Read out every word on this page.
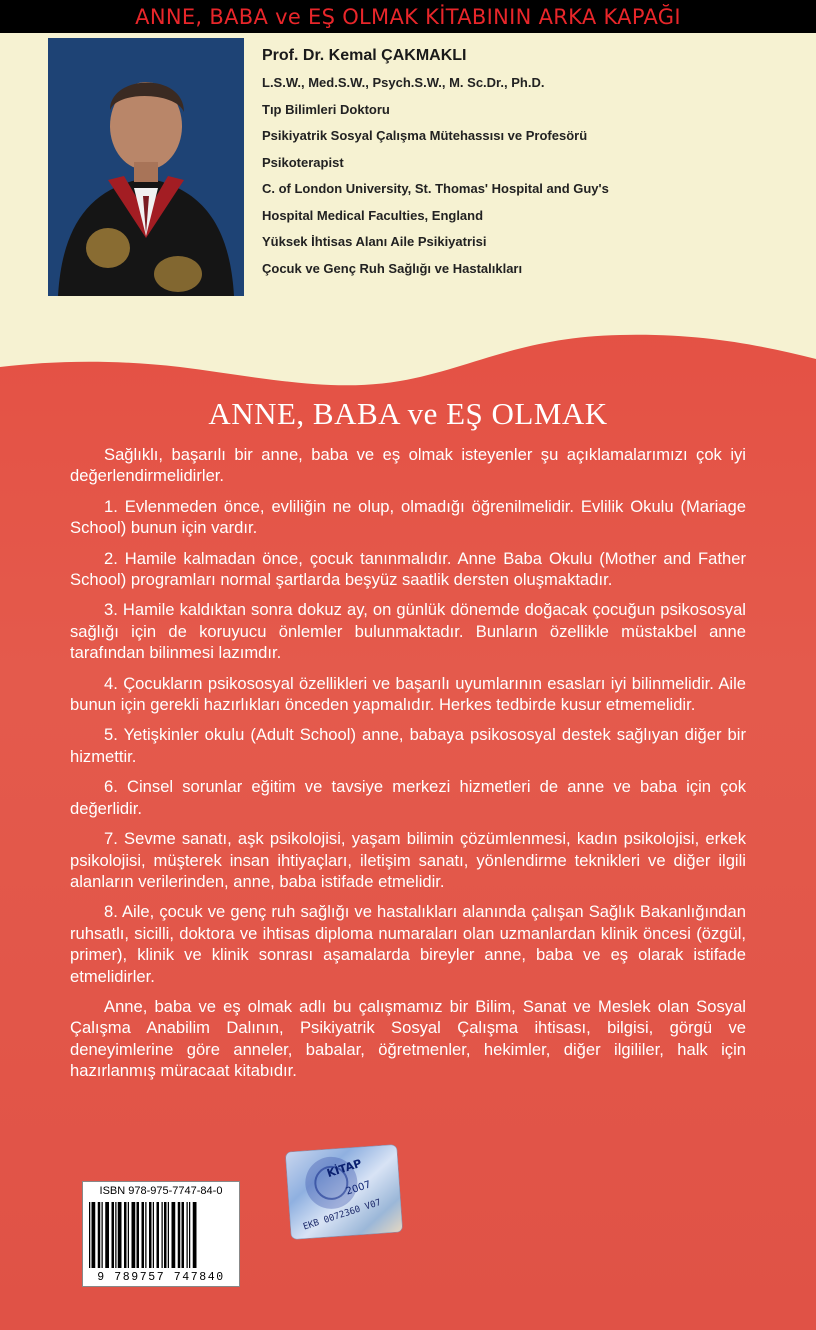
ANNE, BABA ve EŞ OLMAK KİTABININ ARKA KAPAĞI
Prof. Dr. Kemal ÇAKMAKLI
L.S.W., Med.S.W., Psych.S.W., M. Sc.Dr., Ph.D.
Tıp Bilimleri Doktoru
Psikiyatrik Sosyal Çalışma Mütehassısı ve Profesörü
Psikoterapist
C. of London University, St. Thomas' Hospital and Guy's
Hospital Medical Faculties, England
Yüksek İhtisas Alanı Aile Psikiyatrisi
Çocuk ve Genç Ruh Sağlığı ve Hastalıkları
ANNE, BABA ve EŞ OLMAK

Sağlıklı, başarılı bir anne, baba ve eş olmak isteyenler şu açıklamalarımızı çok iyi değerlendirmelidirler.

1. Evlenmeden önce, evliliğin ne olup, olmadığı öğrenilmelidir. Evlilik Okulu (Mariage School) bunun için vardır.

2. Hamile kalmadan önce, çocuk tanınmalıdır. Anne Baba Okulu (Mother and Father School) programları normal şartlarda beşyüz saatlik dersten oluşmaktadır.

3. Hamile kaldıktan sonra dokuz ay, on günlük dönemde doğacak çocuğun psikososyal sağlığı için de koruyucu önlemler bulunmaktadır. Bunların özellikle müstakbel anne tarafından bilinmesi lazımdır.

4. Çocukların psikososyal özellikleri ve başarılı uyumlarının esasları iyi bilinmelidir. Aile bunun için gerekli hazırlıkları önceden yapmalıdır. Herkes tedbirde kusur etmemelidir.

5. Yetişkinler okulu (Adult School) anne, babaya psikososyal destek sağlıyan diğer bir hizmettir.

6. Cinsel sorunlar eğitim ve tavsiye merkezi hizmetleri de anne ve baba için çok değerlidir.

7. Sevme sanatı, aşk psikolojisi, yaşam bilimin çözümlenmesi, kadın psikolojisi, erkek psikolojisi, müşterek insan ihtiyaçları, iletişim sanatı, yönlendirme teknikleri ve diğer ilgili alanların verilerinden, anne, baba istifade etmelidir.

8. Aile, çocuk ve genç ruh sağlığı ve hastalıkları alanında çalışan Sağlık Bakanlığından ruhsatlı, sicilli, doktora ve ihtisas diploma numaraları olan uzmanlardan klinik öncesi (özgül, primer), klinik ve klinik sonrası aşamalarda bireyler anne, baba ve eş olarak istifade etmelidirler.

Anne, baba ve eş olmak adlı bu çalışmamız bir Bilim, Sanat ve Meslek olan Sosyal Çalışma Anabilim Dalının, Psikiyatrik Sosyal Çalışma ihtisası, bilgisi, görgü ve deneyimlerine göre anneler, babalar, öğretmenler, hekimler, diğer ilgililer, halk için hazırlanmış müracaat kitabıdır.

KİTAP
2007
EKB 0072360 V07
ISBN 978-975-7747-84-0
9 789757 747840
